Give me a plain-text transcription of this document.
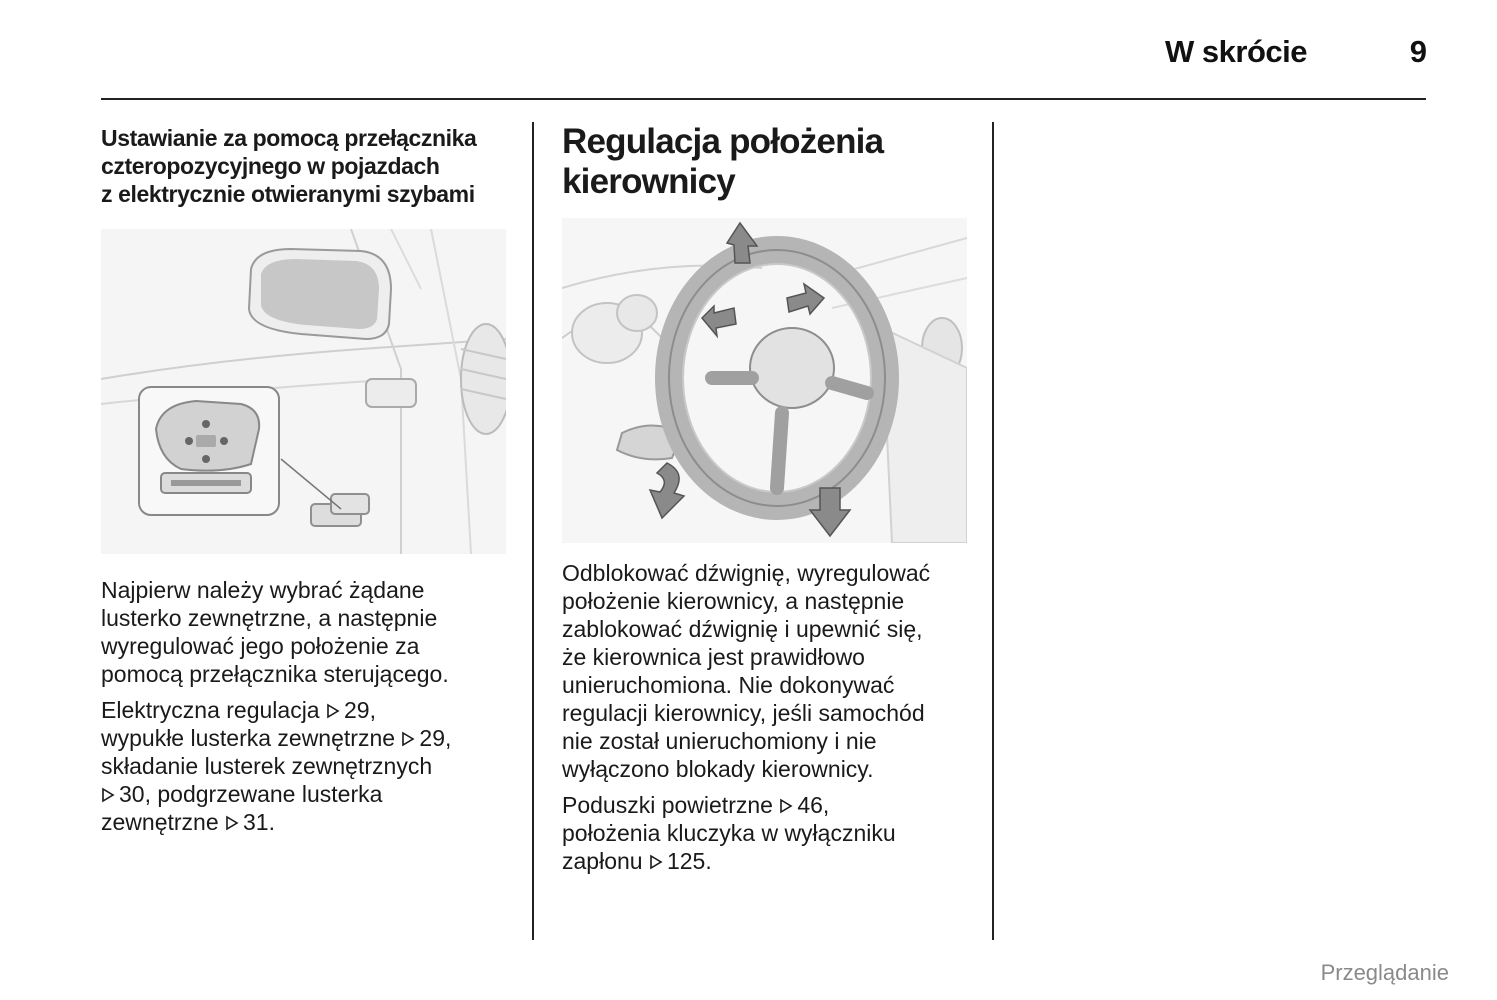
W skrócie	9
Ustawianie za pomocą przełącznika
czteropozycyjnego w pojazdach
z elektrycznie otwieranymi szybami

Najpierw należy wybrać żądane
lusterko zewnętrzne, a następnie
wyregulować jego położenie za
pomocą przełącznika sterującego.

Elektryczna regulacja 29,
wypukłe lusterka zewnętrzne 29,
składanie lusterek zewnętrznych
30, podgrzewane lusterka
zewnętrzne 31.

Regulacja położenia
kierownicy

Odblokować dźwignię, wyregulować
położenie kierownicy, a następnie
zablokować dźwignię i upewnić się,
że kierownica jest prawidłowo
unieruchomiona. Nie dokonywać
regulacji kierownicy, jeśli samochód
nie został unieruchomiony i nie
wyłączono blokady kierownicy.

Poduszki powietrzne 46,
położenia kluczyka w wyłączniku
zapłonu 125.

Przeglądanie
